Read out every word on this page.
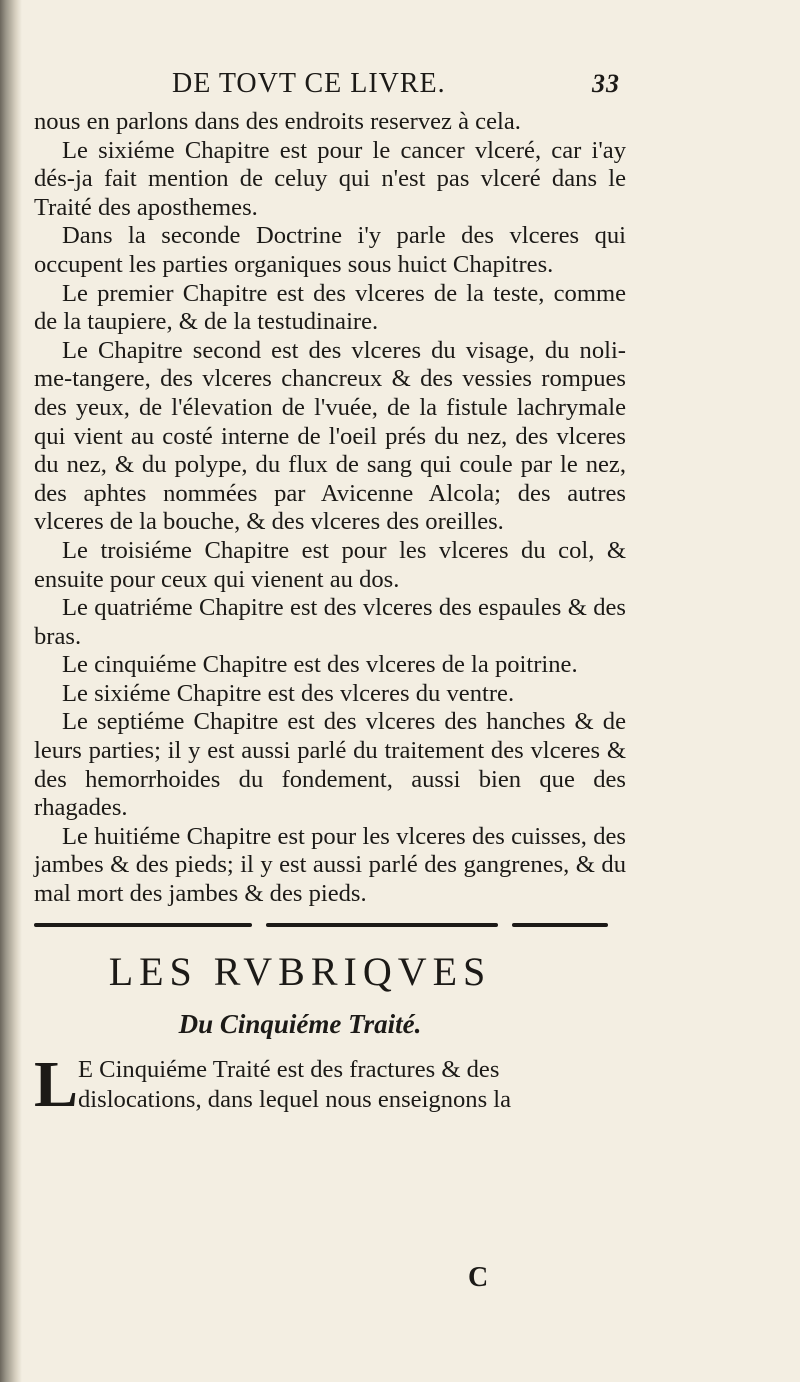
DE TOVT CE LIVRE.	33

nous en parlons dans des endroits reservez à cela.

Le sixiéme Chapitre est pour le cancer vlceré, car i'ay dés-ja fait mention de celuy qui n'est pas vlceré dans le Traité des aposthemes.

Dans la seconde Doctrine i'y parle des vlceres qui occupent les parties organiques sous huict Chapitres.

Le premier Chapitre est des vlceres de la teste, comme de la taupiere, & de la testudinaire.

Le Chapitre second est des vlceres du visage, du noli-me-tangere, des vlceres chancreux & des vessies rompues des yeux, de l'élevation de l'vuée, de la fistule lachrymale qui vient au costé interne de l'oeil prés du nez, des vlceres du nez, & du polype, du flux de sang qui coule par le nez, des aphtes nommées par Avicenne Alcola; des autres vlceres de la bouche, & des vlceres des oreilles.

Le troisiéme Chapitre est pour les vlceres du col, & ensuite pour ceux qui vienent au dos.

Le quatriéme Chapitre est des vlceres des espaules & des bras.

Le cinquiéme Chapitre est des vlceres de la poitrine.

Le sixiéme Chapitre est des vlceres du ventre.

Le septiéme Chapitre est des vlceres des hanches & de leurs parties; il y est aussi parlé du traitement des vlceres & des hemorrhoides du fondement, aussi bien que des rhagades.

Le huitiéme Chapitre est pour les vlceres des cuisses, des jambes & des pieds; il y est aussi parlé des gangrenes, & du mal mort des jambes & des pieds.

LES RVBRIQVES
Du Cinquiéme Traité.
L E Cinquiéme Traité est des fractures & des
dislocations, dans lequel nous enseignons la
C
